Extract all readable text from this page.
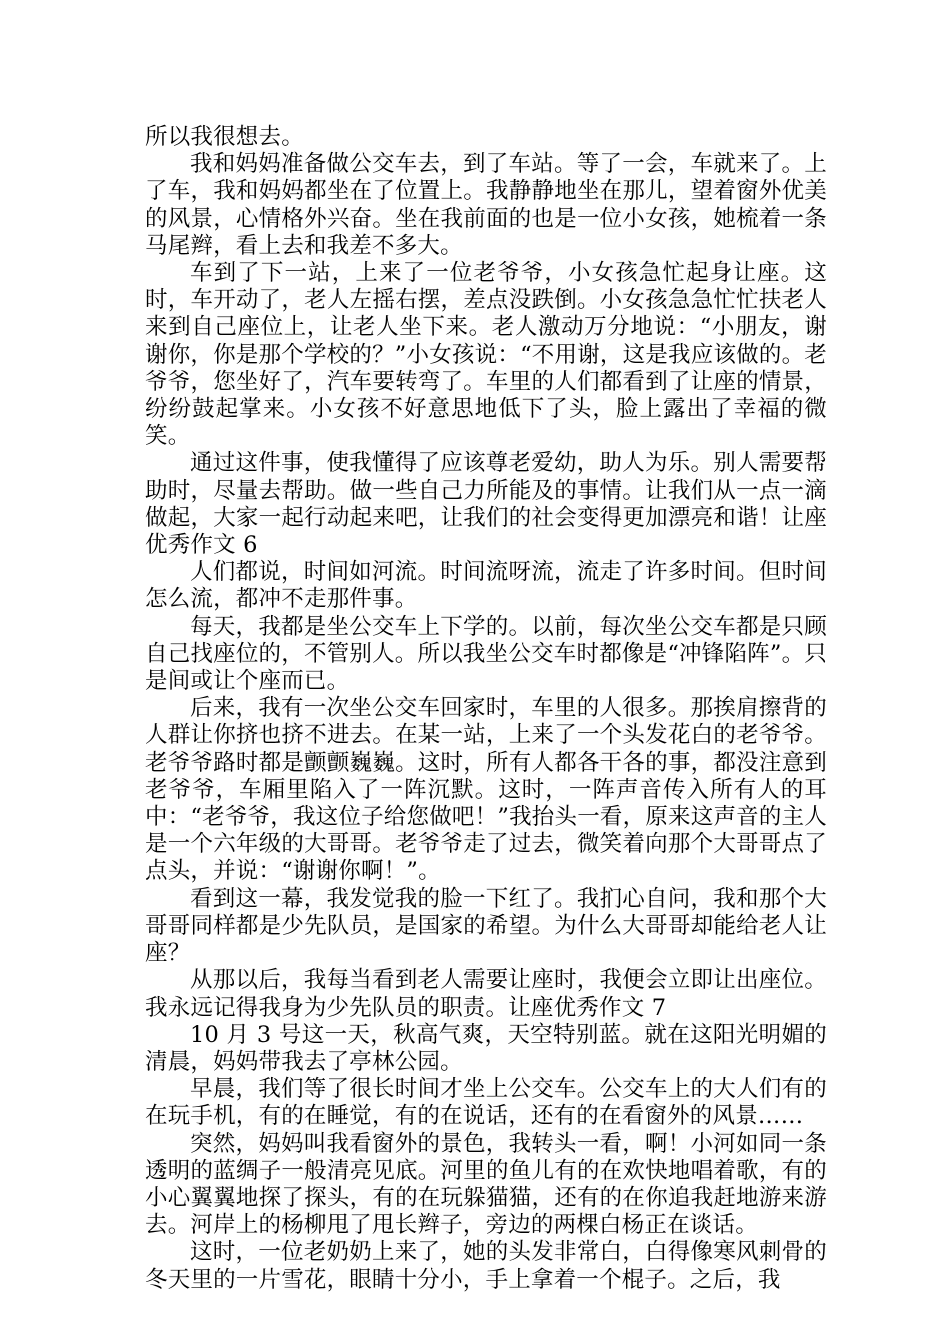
所以我很想去。

我和妈妈准备做公交车去，到了车站。等了一会，车就来了。上了车，我和妈妈都坐在了位置上。我静静地坐在那儿，望着窗外优美的风景，心情格外兴奋。坐在我前面的也是一位小女孩，她梳着一条马尾辫，看上去和我差不多大。

车到了下一站，上来了一位老爷爷，小女孩急忙起身让座。这时，车开动了，老人左摇右摆，差点没跌倒。小女孩急急忙忙扶老人来到自己座位上，让老人坐下来。老人激动万分地说：“小朋友，谢谢你，你是那个学校的？”小女孩说：“不用谢，这是我应该做的。老爷爷，您坐好了，汽车要转弯了。车里的人们都看到了让座的情景，纷纷鼓起掌来。小女孩不好意思地低下了头，脸上露出了幸福的微笑。

通过这件事，使我懂得了应该尊老爱幼，助人为乐。别人需要帮助时，尽量去帮助。做一些自己力所能及的事情。让我们从一点一滴做起，大家一起行动起来吧，让我们的社会变得更加漂亮和谐！让座优秀作文 6

人们都说，时间如河流。时间流呀流，流走了许多时间。但时间怎么流，都冲不走那件事。

每天，我都是坐公交车上下学的。以前，每次坐公交车都是只顾自己找座位的，不管别人。所以我坐公交车时都像是“冲锋陷阵”。只是间或让个座而已。

后来，我有一次坐公交车回家时，车里的人很多。那挨肩擦背的人群让你挤也挤不进去。在某一站，上来了一个头发花白的老爷爷。老爷爷路时都是颤颤巍巍。这时，所有人都各干各的事，都没注意到老爷爷，车厢里陷入了一阵沉默。这时，一阵声音传入所有人的耳中：“老爷爷，我这位子给您做吧！”我抬头一看，原来这声音的主人是一个六年级的大哥哥。老爷爷走了过去，微笑着向那个大哥哥点了点头，并说：“谢谢你啊！”。

看到这一幕，我发觉我的脸一下红了。我扪心自问，我和那个大哥哥同样都是少先队员，是国家的希望。为什么大哥哥却能给老人让座？

从那以后，我每当看到老人需要让座时，我便会立即让出座位。我永远记得我身为少先队员的职责。让座优秀作文 7

10 月 3 号这一天，秋高气爽，天空特别蓝。就在这阳光明媚的清晨，妈妈带我去了亭林公园。

早晨，我们等了很长时间才坐上公交车。公交车上的大人们有的在玩手机，有的在睡觉，有的在说话，还有的在看窗外的风景……

突然，妈妈叫我看窗外的景色，我转头一看，啊！小河如同一条透明的蓝绸子一般清亮见底。河里的鱼儿有的在欢快地唱着歌，有的小心翼翼地探了探头，有的在玩躲猫猫，还有的在你追我赶地游来游去。河岸上的杨柳甩了甩长辫子，旁边的两棵白杨正在谈话。

这时，一位老奶奶上来了，她的头发非常白，白得像寒风刺骨的冬天里的一片雪花，眼睛十分小，手上拿着一个棍子。之后，我
